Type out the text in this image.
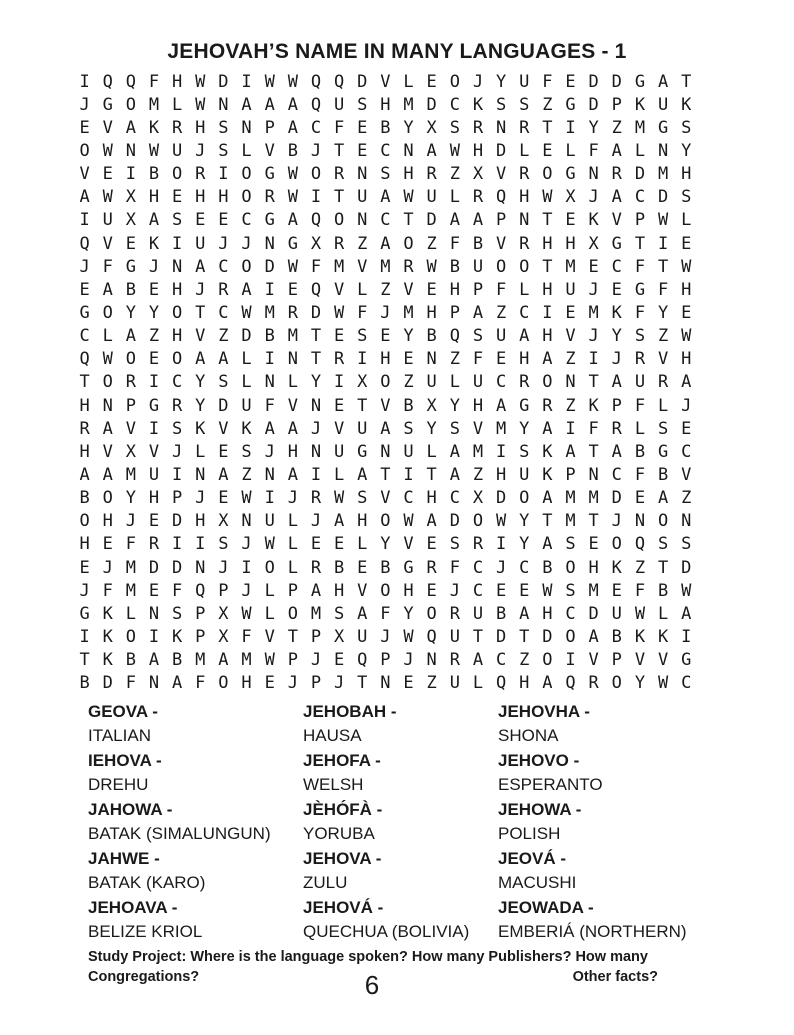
JEHOVAH’S NAME IN MANY LANGUAGES - 1
I Q Q F H W D I W W Q Q D V L E O J Y U F E D D G A T
J G O M L W N A A A Q U S H M D C K S S Z G D P K U K
E V A K R H S N P A C F E B Y X S R N R T I Y Z M G S
O W N W U J S L V B J T E C N A W H D L E L F A L N Y
V E I B O R I O G W O R N S H R Z X V R O G N R D M H
A W X H E H H O R W I T U A W U L R Q H W X J A C D S
I U X A S E E C G A Q O N C T D A A P N T E K V P W L
Q V E K I U J J N G X R Z A O Z F B V R H H X G T I E
J F G J N A C O D W F M V M R W B U O O T M E C F T W
E A B E H J R A I E Q V L Z V E H P F L H U J E G F H
G O Y Y O T C W M R D W F J M H P A Z C I E M K F Y E
C L A Z H V Z D B M T E S E Y B Q S U A H V J Y S Z W
Q W O E O A A L I N T R I H E N Z F E H A Z I J R V H
T O R I C Y S L N L Y I X O Z U L U C R O N T A U R A
H N P G R Y D U F V N E T V B X Y H A G R Z K P F L J
R A V I S K V K A A J V U A S Y S V M Y A I F R L S E
H V X V J L E S J H N U G N U L A M I S K A T A B G C
A A M U I N A Z N A I L A T I T A Z H U K P N C F B V
B O Y H P J E W I J R W S V C H C X D O A M M D E A Z
O H J E D H X N U L J A H O W A D O W Y T M T J N O N
H E F R I I S J W L E E L Y V E S R I Y A S E O Q S S
E J M D D N J I O L R B E B G R F C J C B O H K Z T D
J F M E F Q P J L P A H V O H E J C E E W S M E F B W
G K L N S P X W L O M S A F Y O R U B A H C D U W L A
I K O I K P X F V T P X U J W Q U T D T D O A B K K I
T K B A B M A M W P J E Q P J N R A C Z O I V P V V G
B D F N A F O H E J P J T N E Z U L Q H A Q R O Y W C
GEOVA -
ITALIAN
JEHOBAH -
HAUSA
JEHOVHA -
SHONA
IEHOVA -
DREHU
JEHOFA -
WELSH
JEHOVO -
ESPERANTO
JAHOWA -
BATAK (SIMALUNGUN)
JÈHÓFÀ -
YORUBA
JEHOWA -
POLISH
JAHWE -
BATAK (KARO)
JEHOVA -
ZULU
JEOVÁ -
MACUSHI
JEHOAVA -
BELIZE KRIOL
JEHOVÁ -
QUECHUA (BOLIVIA)
JEOWADA -
EMBERIÁ (NORTHERN)
Study Project: Where is the language spoken? How many Publishers? How many
Congregations?	Other facts?
6
